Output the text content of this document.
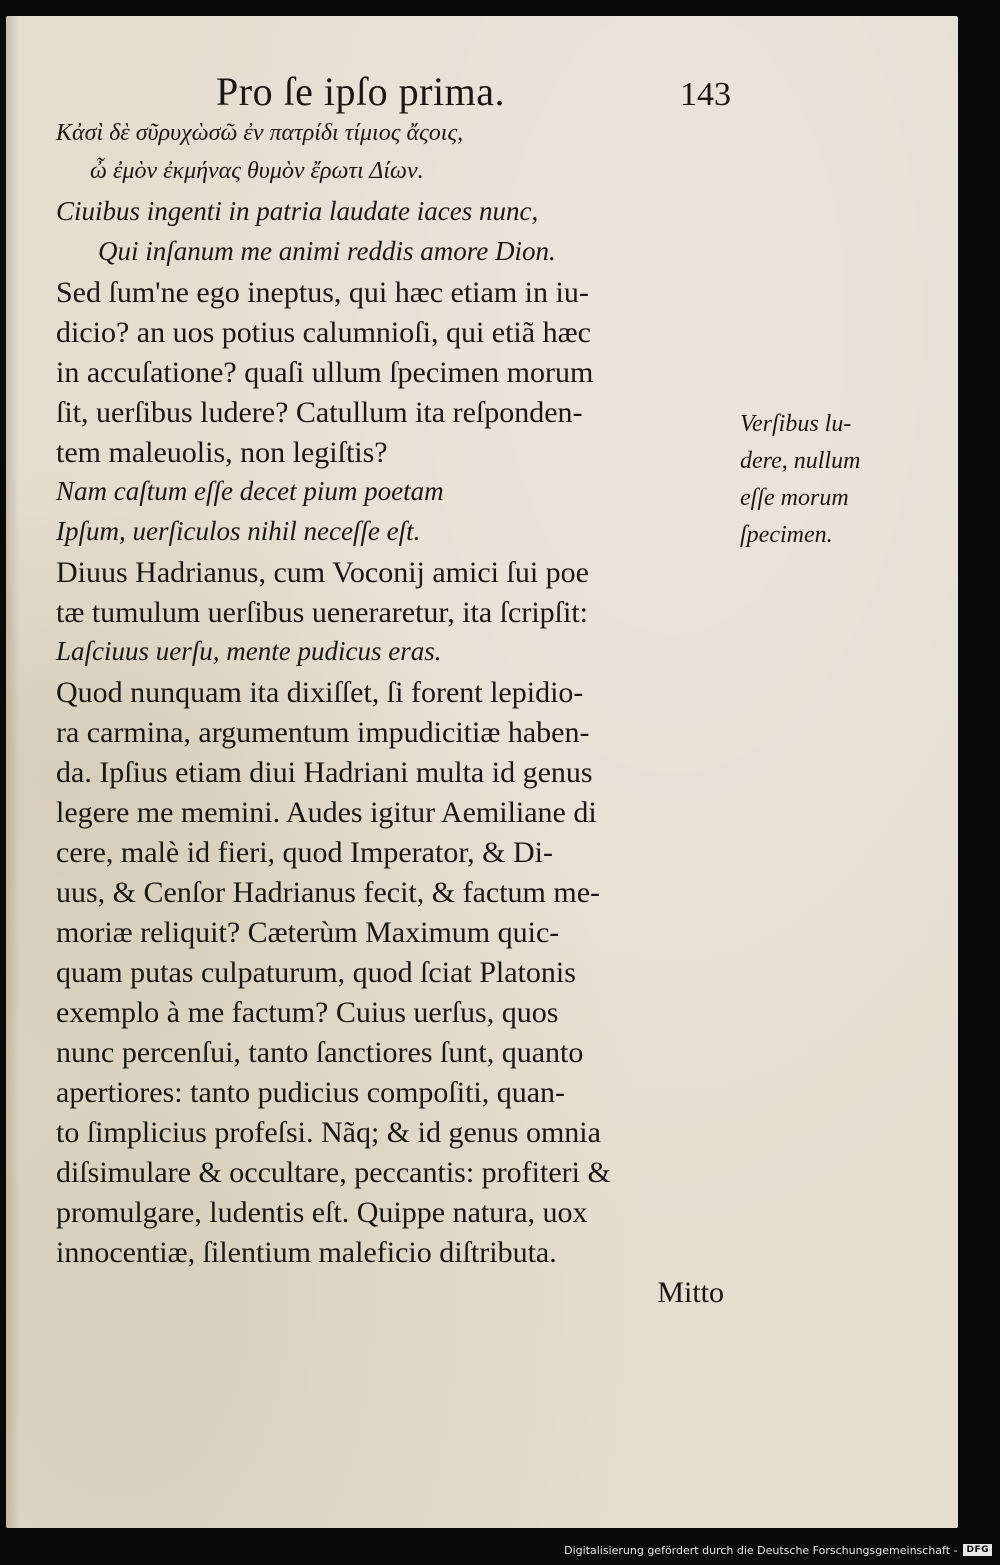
Pro ſe ipſo prima.	143
Κἀσὶ δὲ σῦρυχὼσῶ ἐν πατρίδι τίμιος ἄςοις,
ὦ ἐμὸν ἐκμήνας θυμὸν ἔρωτι Δίων.
Ciuibus ingenti in patria laudate iaces nunc,
Qui inſanum me animi reddis amore Dion.
Sed ſum'ne ego ineptus, qui hæc etiam in iu-
dicio? an uos potius calumnioſi, qui etiã hæc
in accuſatione? quaſi ullum ſpecimen morum
ſit, uerſibus ludere? Catullum ita reſponden-
tem maleuolis, non legiſtis?
Nam caſtum eſſe decet pium poetam
Ipſum, uerſiculos nihil neceſſe eſt.
Diuus Hadrianus, cum Voconij amici ſui poe
tæ tumulum uerſibus ueneraretur, ita ſcripſit:
Laſciuus uerſu, mente pudicus eras.
Quod nunquam ita dixiſſet, ſi forent lepidio-
ra carmina, argumentum impudicitiæ haben-
da. Ipſius etiam diui Hadriani multa id genus
legere me memini. Audes igitur Aemiliane di
cere, malè id fieri, quod Imperator, & Di-
uus, & Cenſor Hadrianus fecit, & factum me-
moriæ reliquit? Cæterùm Maximum quic-
quam putas culpaturum, quod ſciat Platonis
exemplo à me factum? Cuius uerſus, quos
nunc percenſui, tanto ſanctiores ſunt, quanto
apertiores: tanto pudicius compoſiti, quan-
to ſimplicius profeſsi. Nãq; & id genus omnia
diſsimulare & occultare, peccantis: profiteri &
promulgare, ludentis eſt. Quippe natura, uox
innocentiæ, ſilentium maleficio diſtributa.
Mitto
Verſibus lu-
dere, nullum
eſſe morum
ſpecimen.
Digitalisierung gefördert durch die Deutsche Forschungsgemeinschaft -	DFG
